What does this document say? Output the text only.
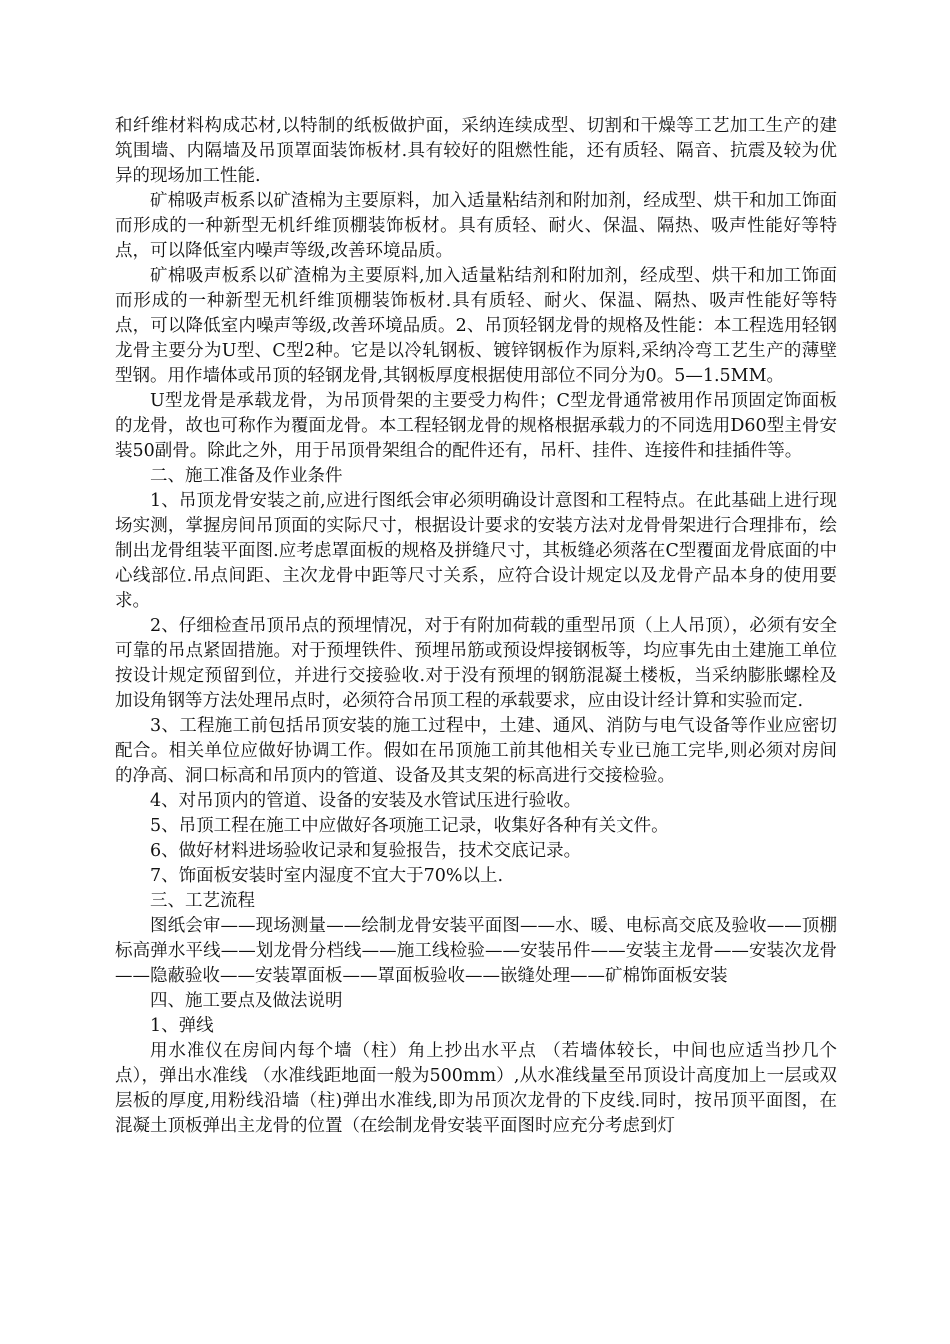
和纤维材料构成芯材,以特制的纸板做护面，采纳连续成型、切割和干燥等工艺加工生产的建筑围墙、内隔墙及吊顶罩面装饰板材.具有较好的阻燃性能，还有质轻、隔音、抗震及较为优异的现场加工性能.

矿棉吸声板系以矿渣棉为主要原料，加入适量粘结剂和附加剂，经成型、烘干和加工饰面而形成的一种新型无机纤维顶棚装饰板材。具有质轻、耐火、保温、隔热、吸声性能好等特点，可以降低室内噪声等级,改善环境品质。

矿棉吸声板系以矿渣棉为主要原料,加入适量粘结剂和附加剂，经成型、烘干和加工饰面而形成的一种新型无机纤维顶棚装饰板材.具有质轻、耐火、保温、隔热、吸声性能好等特点，可以降低室内噪声等级,改善环境品质。2、吊顶轻钢龙骨的规格及性能：本工程选用轻钢龙骨主要分为U型、C型2种。它是以冷轧钢板、镀锌钢板作为原料,采纳冷弯工艺生产的薄壁型钢。用作墙体或吊顶的轻钢龙骨,其钢板厚度根据使用部位不同分为0。5—1.5MM。

U型龙骨是承载龙骨，为吊顶骨架的主要受力构件；C型龙骨通常被用作吊顶固定饰面板的龙骨，故也可称作为覆面龙骨。本工程轻钢龙骨的规格根据承载力的不同选用D60型主骨安装50副骨。除此之外，用于吊顶骨架组合的配件还有，吊杆、挂件、连接件和挂插件等。

二、施工准备及作业条件

1、吊顶龙骨安装之前,应进行图纸会审必须明确设计意图和工程特点。在此基础上进行现场实测，掌握房间吊顶面的实际尺寸，根据设计要求的安装方法对龙骨骨架进行合理排布，绘制出龙骨组装平面图.应考虑罩面板的规格及拼缝尺寸，其板缝必须落在C型覆面龙骨底面的中心线部位.吊点间距、主次龙骨中距等尺寸关系，应符合设计规定以及龙骨产品本身的使用要求。

2、仔细检查吊顶吊点的预埋情况，对于有附加荷载的重型吊顶（上人吊顶），必须有安全可靠的吊点紧固措施。对于预埋铁件、预埋吊筋或预设焊接钢板等，均应事先由土建施工单位按设计规定预留到位，并进行交接验收.对于没有预埋的钢筋混凝土楼板，当采纳膨胀螺栓及加设角钢等方法处理吊点时，必须符合吊顶工程的承载要求，应由设计经计算和实验而定.

3、工程施工前包括吊顶安装的施工过程中，土建、通风、消防与电气设备等作业应密切配合。相关单位应做好协调工作。假如在吊顶施工前其他相关专业已施工完毕,则必须对房间的净高、洞口标高和吊顶内的管道、设备及其支架的标高进行交接检验。

4、对吊顶内的管道、设备的安装及水管试压进行验收。

5、吊顶工程在施工中应做好各项施工记录，收集好各种有关文件。

6、做好材料进场验收记录和复验报告，技术交底记录。

7、饰面板安装时室内湿度不宜大于70%以上.

三、工艺流程

图纸会审——现场测量——绘制龙骨安装平面图——水、暖、电标高交底及验收——顶棚标高弹水平线——划龙骨分档线——施工线检验——安装吊件——安装主龙骨——安装次龙骨——隐蔽验收——安装罩面板——罩面板验收——嵌缝处理——矿棉饰面板安装

四、施工要点及做法说明

1、弹线

用水准仪在房间内每个墙（柱）角上抄出水平点 （若墙体较长，中间也应适当抄几个点），弹出水准线 （水准线距地面一般为500mm）,从水准线量至吊顶设计高度加上一层或双层板的厚度,用粉线沿墙（柱)弹出水准线,即为吊顶次龙骨的下皮线.同时，按吊顶平面图，在混凝土顶板弹出主龙骨的位置（在绘制龙骨安装平面图时应充分考虑到灯
